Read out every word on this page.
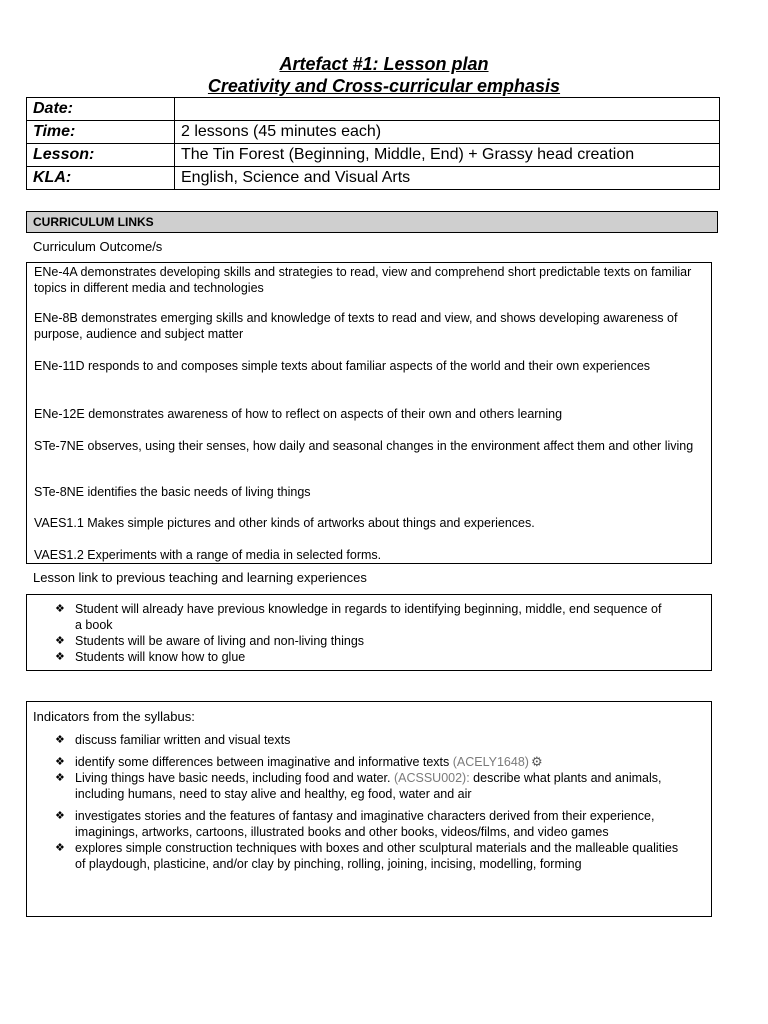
Artefact #1: Lesson plan
Creativity and Cross-curricular emphasis
Date:	
Time:	2 lessons (45 minutes each)
Lesson:	The Tin Forest (Beginning, Middle, End) + Grassy head creation
KLA:	English, Science and Visual Arts
CURRICULUM LINKS
Curriculum Outcome/s

ENe-4A demonstrates developing skills and strategies to read, view and comprehend short predictable texts on familiar topics in different media and technologies

ENe-8B demonstrates emerging skills and knowledge of texts to read and view, and shows developing awareness of purpose, audience and subject matter

ENe-11D responds to and composes simple texts about familiar aspects of the world and their own experiences

ENe-12E demonstrates awareness of how to reflect on aspects of their own and others learning

STe-7NE observes, using their senses, how daily and seasonal changes in the environment affect them and other living

STe-8NE identifies the basic needs of living things

VAES1.1 Makes simple pictures and other kinds of artworks about things and experiences.

VAES1.2 Experiments with a range of media in selected forms.

Lesson link to previous teaching and learning experiences
❖ Student will already have previous knowledge in regards to identifying beginning, middle, end sequence of a book
❖ Students will be aware of living and non-living things
❖ Students will know how to glue
Indicators from the syllabus:
❖ discuss familiar written and visual texts
❖ identify some differences between imaginative and informative texts (ACELY1648) ⚙
❖ Living things have basic needs, including food and water. (ACSSU002): describe what plants and animals, including humans, need to stay alive and healthy, eg food, water and air
❖ investigates stories and the features of fantasy and imaginative characters derived from their experience, imaginings, artworks, cartoons, illustrated books and other books, videos/films, and video games
❖ explores simple construction techniques with boxes and other sculptural materials and the malleable qualities of playdough, plasticine, and/or clay by pinching, rolling, joining, incising, modelling, forming
